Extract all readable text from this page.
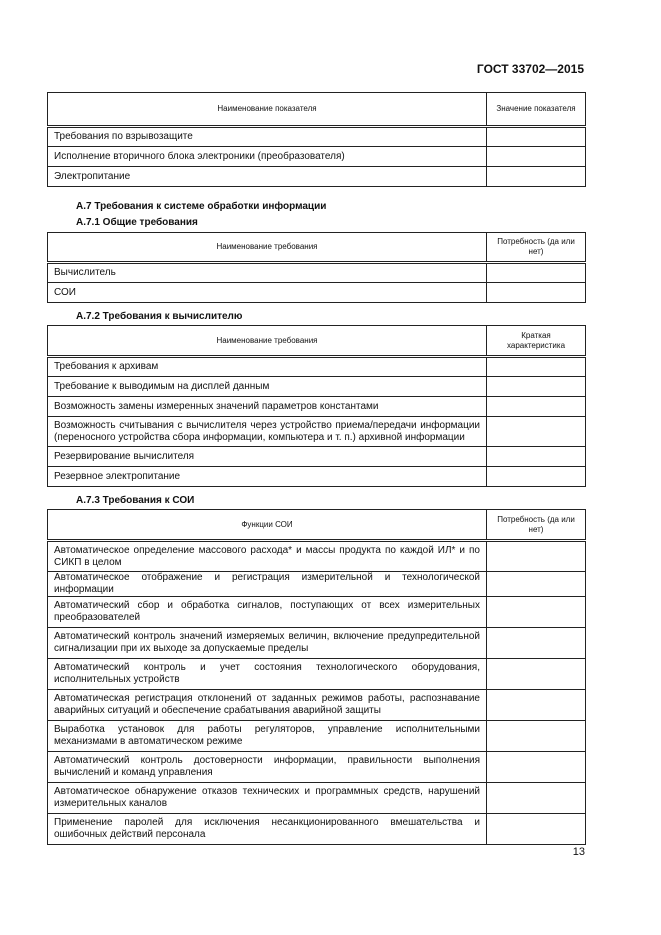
ГОСТ 33702—2015
Наименование показателя	Значение показателя
Требования по взрывозащите	
Исполнение вторичного блока электроники (преобразователя)	
Электропитание	
А.7 Требования к системе обработки информации
А.7.1 Общие требования
Наименование требования	Потребность (да или нет)
Вычислитель	
СОИ	
А.7.2 Требования к вычислителю
Наименование требования	Краткая характеристика
Требования к архивам	
Требование к выводимым на дисплей данным	
Возможность замены измеренных значений параметров константами	
Возможность считывания с вычислителя через устройство приема/передачи информации (переносного устройства сбора информации, компьютера и т. п.) архивной информации	
Резервирование вычислителя	
Резервное электропитание	
А.7.3 Требования к СОИ
Функции СОИ	Потребность (да или нет)
Автоматическое определение массового расхода* и массы продукта по каждой ИЛ* и по СИКП в целом	
Автоматическое отображение и регистрация измерительной и технологической информации	
Автоматический сбор и обработка сигналов, поступающих от всех измерительных преобразователей	
Автоматический контроль значений измеряемых величин, включение предупредительной сигнализации при их выходе за допускаемые пределы	
Автоматический контроль и учет состояния технологического оборудования, исполнительных устройств	
Автоматическая регистрация отклонений от заданных режимов работы, распознавание аварийных ситуаций и обеспечение срабатывания аварийной защиты	
Выработка установок для работы регуляторов, управление исполнительными механизмами в автоматическом режиме	
Автоматический контроль достоверности информации, правильности выполнения вычислений и команд управления	
Автоматическое обнаружение отказов технических и программных средств, нарушений измерительных каналов	
Применение паролей для исключения несанкционированного вмешательства и ошибочных действий персонала	
13
